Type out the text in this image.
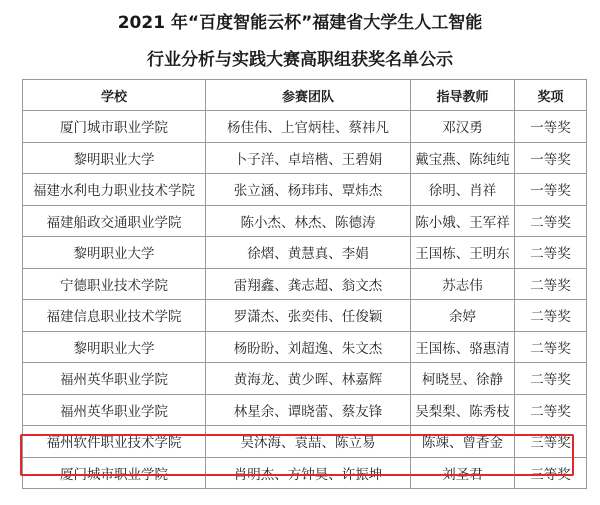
2021 年“百度智能云杯”福建省大学生人工智能
行业分析与实践大赛高职组获奖名单公示
学校	参赛团队	指导教师	奖项
厦门城市职业学院	杨佳伟、上官炳桂、蔡祎凡	邓汉勇	一等奖
黎明职业大学	卜子洋、卓培楷、王碧娟	戴宝燕、陈纯纯	一等奖
福建水利电力职业技术学院	张立涵、杨玮玮、覃炜杰	徐明、肖祥	一等奖
福建船政交通职业学院	陈小杰、林杰、陈德涛	陈小娥、王军祥	二等奖
黎明职业大学	徐熠、黄慧真、李娟	王国栋、王明东	二等奖
宁德职业技术学院	雷翔鑫、龚志超、翁文杰	苏志伟	二等奖
福建信息职业技术学院	罗潇杰、张奕伟、任俊颖	余婷	二等奖
黎明职业大学	杨盼盼、刘超逸、朱文杰	王国栋、骆惠清	二等奖
福州英华职业学院	黄海龙、黄少晖、林嘉辉	柯晓昱、徐静	二等奖
福州英华职业学院	林星余、谭晓蕾、蔡友锋	吴梨梨、陈秀枝	二等奖
福州软件职业技术学院	吴沐海、袁喆、陈立易	陈竦、曾香金	三等奖
厦门城市职业学院	肖明杰、方钟昊、许振坤	刘圣君	三等奖
